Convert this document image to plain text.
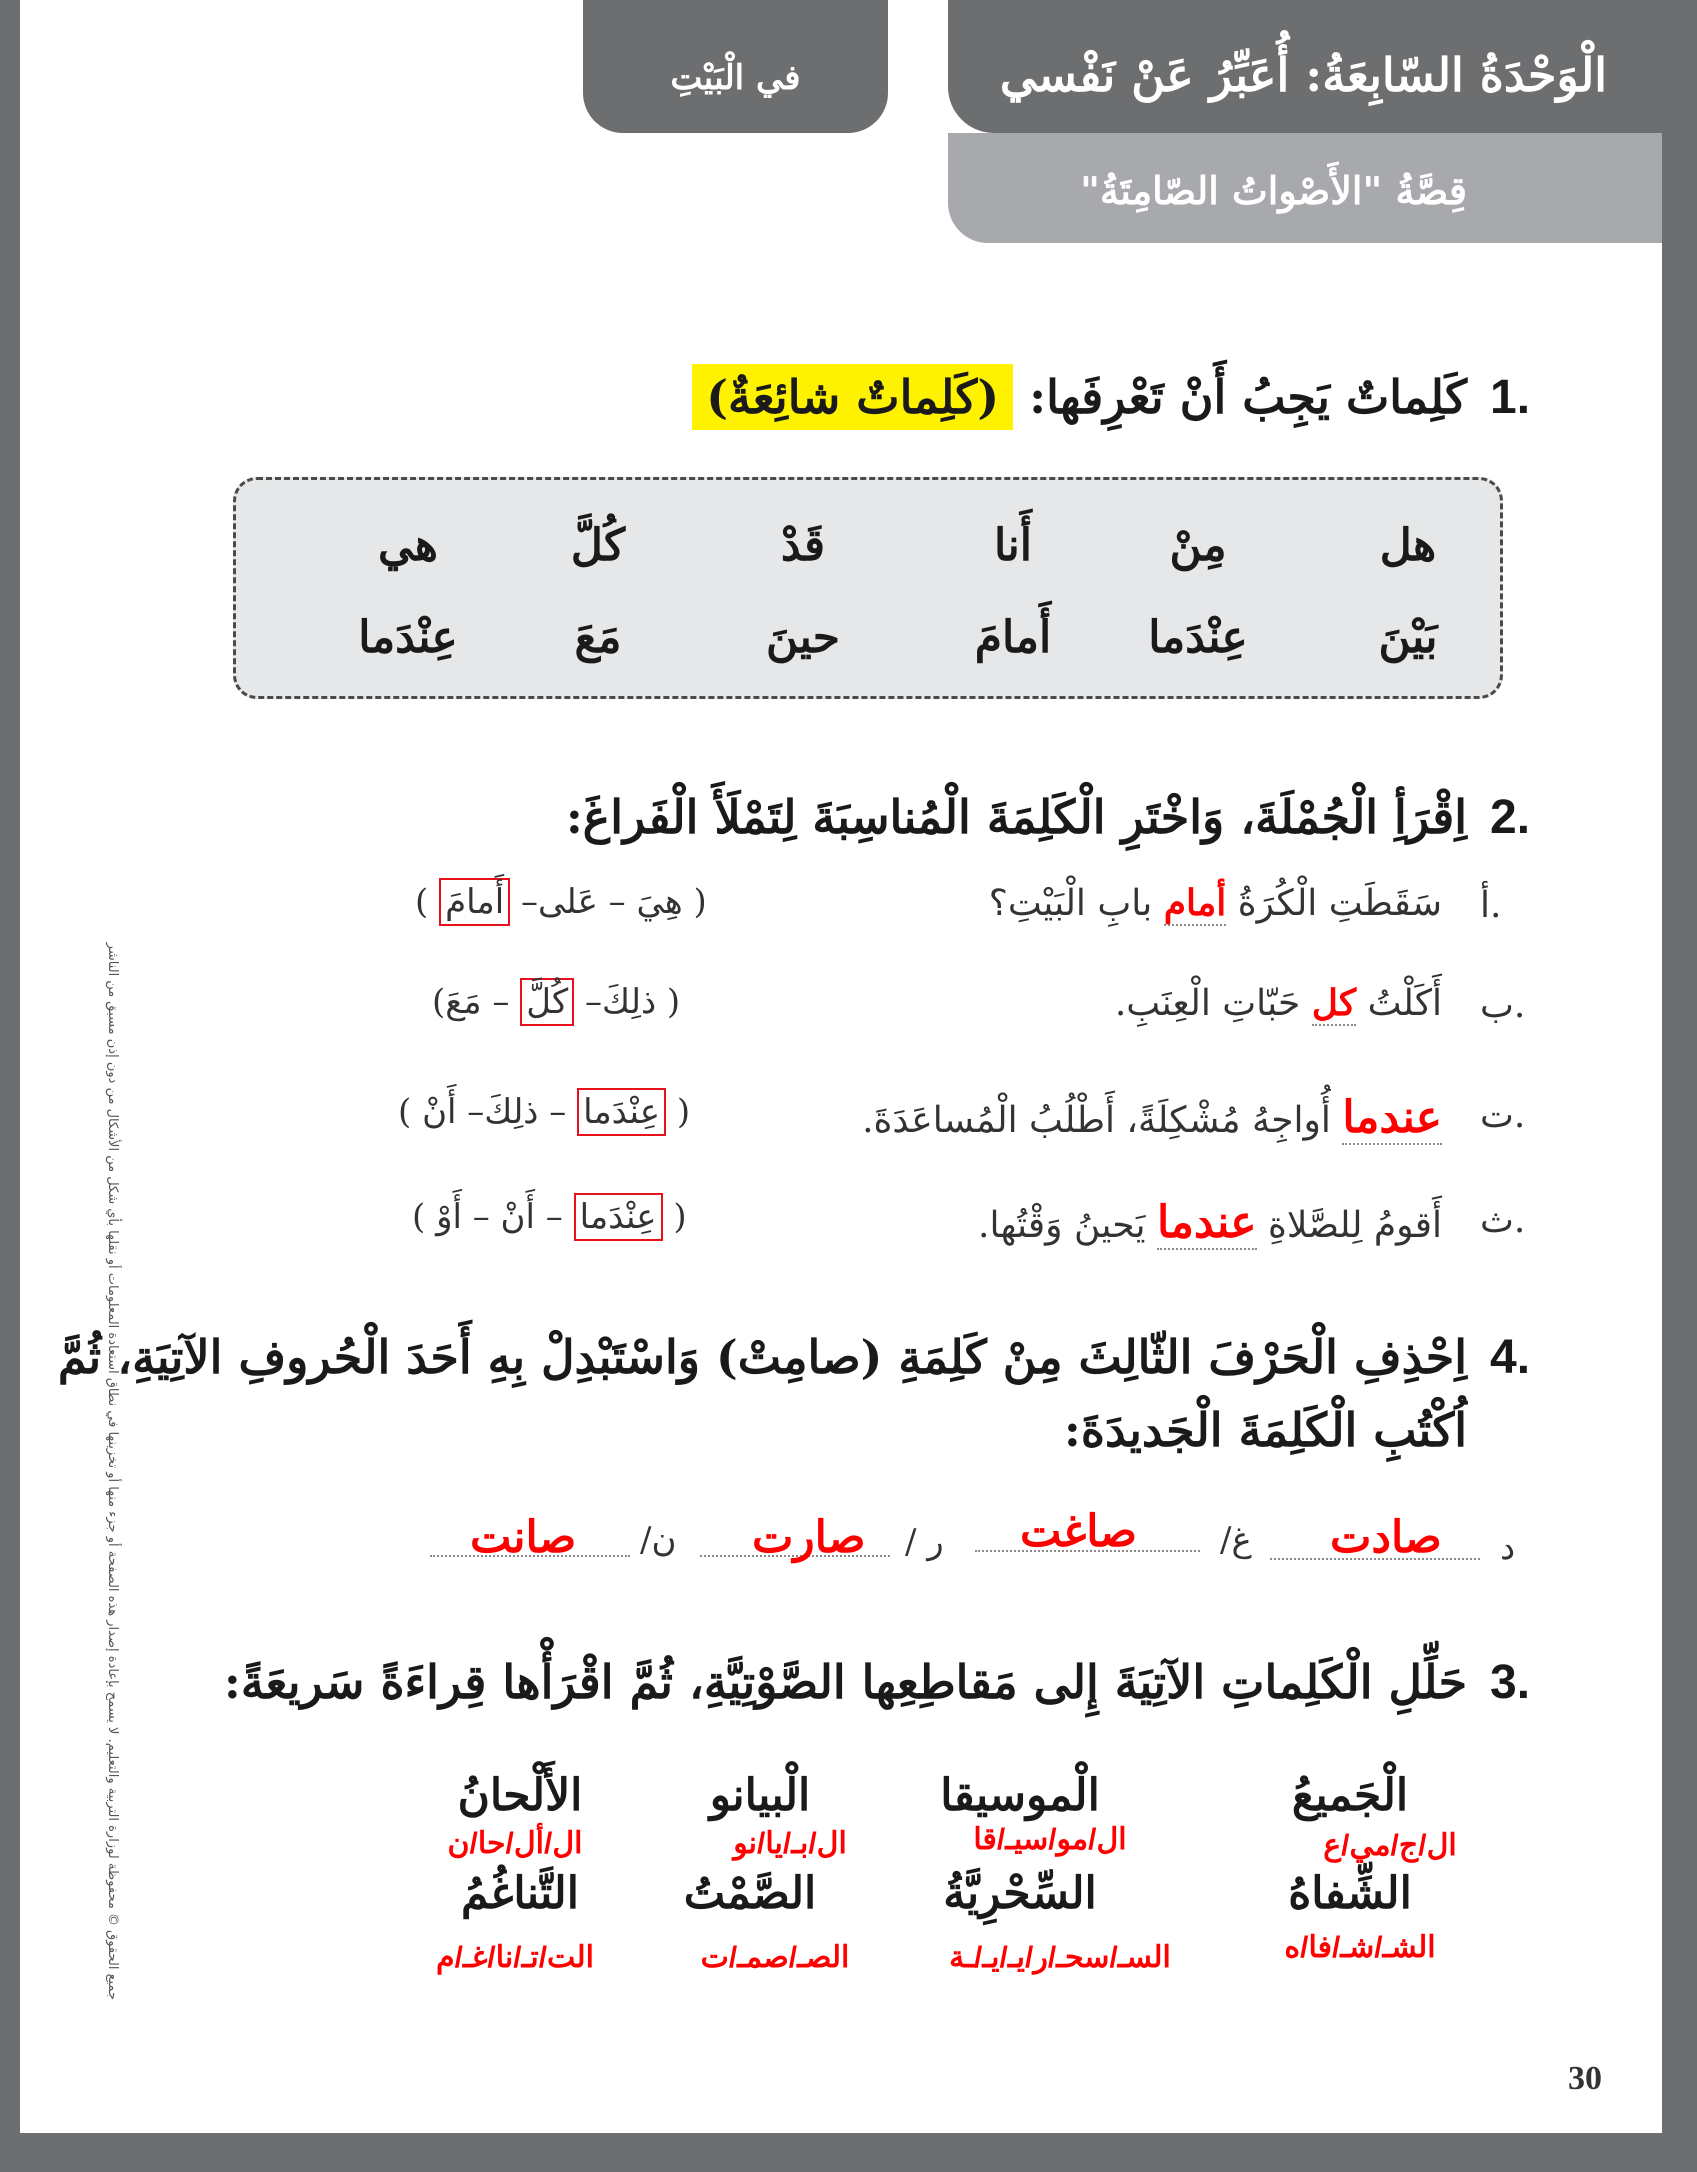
الْوَحْدَةُ السّابِعَةُ: أُعَبِّرُ عَنْ نَفْسي
في الْبَيْتِ
قِصَّةُ "الأَصْواتُ الصّامِتَةُ"
جميع الحقوق © محفوظة لوزارة التربية والتعليم. لا يسمح بإعادة إصدار هذه الصفحة أو جزء منها أو تخزينها في نطاق استعادة المعلومات أو نقلها بأي شكل من الأشكال من دون إذن مسبق من الناشر
1.
كَلِماتٌ يَجِبُ أَنْ تَعْرِفَها: (كَلِماتٌ شائِعَةٌ)
هل
مِنْ
أَنا
قَدْ
كُلَّ
هي
بَيْنَ
عِنْدَما
أَمامَ
حينَ
مَعَ
عِنْدَما
2.
اِقْرَأِ الْجُمْلَةَ، وَاخْتَرِ الْكَلِمَةَ الْمُناسِبَةَ لِتَمْلَأَ الْفَراغَ:
أ.
سَقَطَتِ الْكُرَةُ أمام بابِ الْبَيْتِ؟
( هِيَ – عَلى– أَمامَ )
ب.
أَكَلْتُ كل حَبّاتِ الْعِنَبِ.
( ذلِكَ– كُلَّ – مَعَ)
ت.
عندما أُواجِهُ مُشْكِلَةً، أَطْلُبُ الْمُساعَدَةَ.
( عِنْدَما – ذلِكَ– أَنْ )
ث.
أَقومُ لِلصَّلاةِ عندما يَحينُ وَقْتُها.
( عِنْدَما – أَنْ – أَوْ )
4.
اِحْذِفِ الْحَرْفَ الثّالِثَ مِنْ كَلِمَةِ (صامِتْ) وَاسْتَبْدِلْ بِهِ أَحَدَ الْحُروفِ الآتِيَةِ، ثُمَّ
اُكْتُبِ الْكَلِمَةَ الْجَديدَةَ:
د
صادت
/غ
صاغت
/ ر
صارت
/ن
صانت
3.
حَلِّلِ الْكَلِماتِ الآتِيَةَ إِلى مَقاطِعِها الصَّوْتِيَّةِ، ثُمَّ اقْرَأْها قِراءَةً سَريعَةً:
الْجَميعُ
الْموسيقا
الْبيانو
الأَلْحانُ
ال/ج/مي/ع
ال/مو/سيـ/قا
ال/بـ/يا/نو
ال/أل/حا/ن
الشِّفاهُ
السِّحْرِيَّةُ
الصَّمْتُ
التَّناغُمُ
الشـ/شـ/فا/ه
السـ/سحـ/ر/يـ/يـ/ـة
الصـ/صمـ/ت
الت/تـ/نا/غـ/م
30
